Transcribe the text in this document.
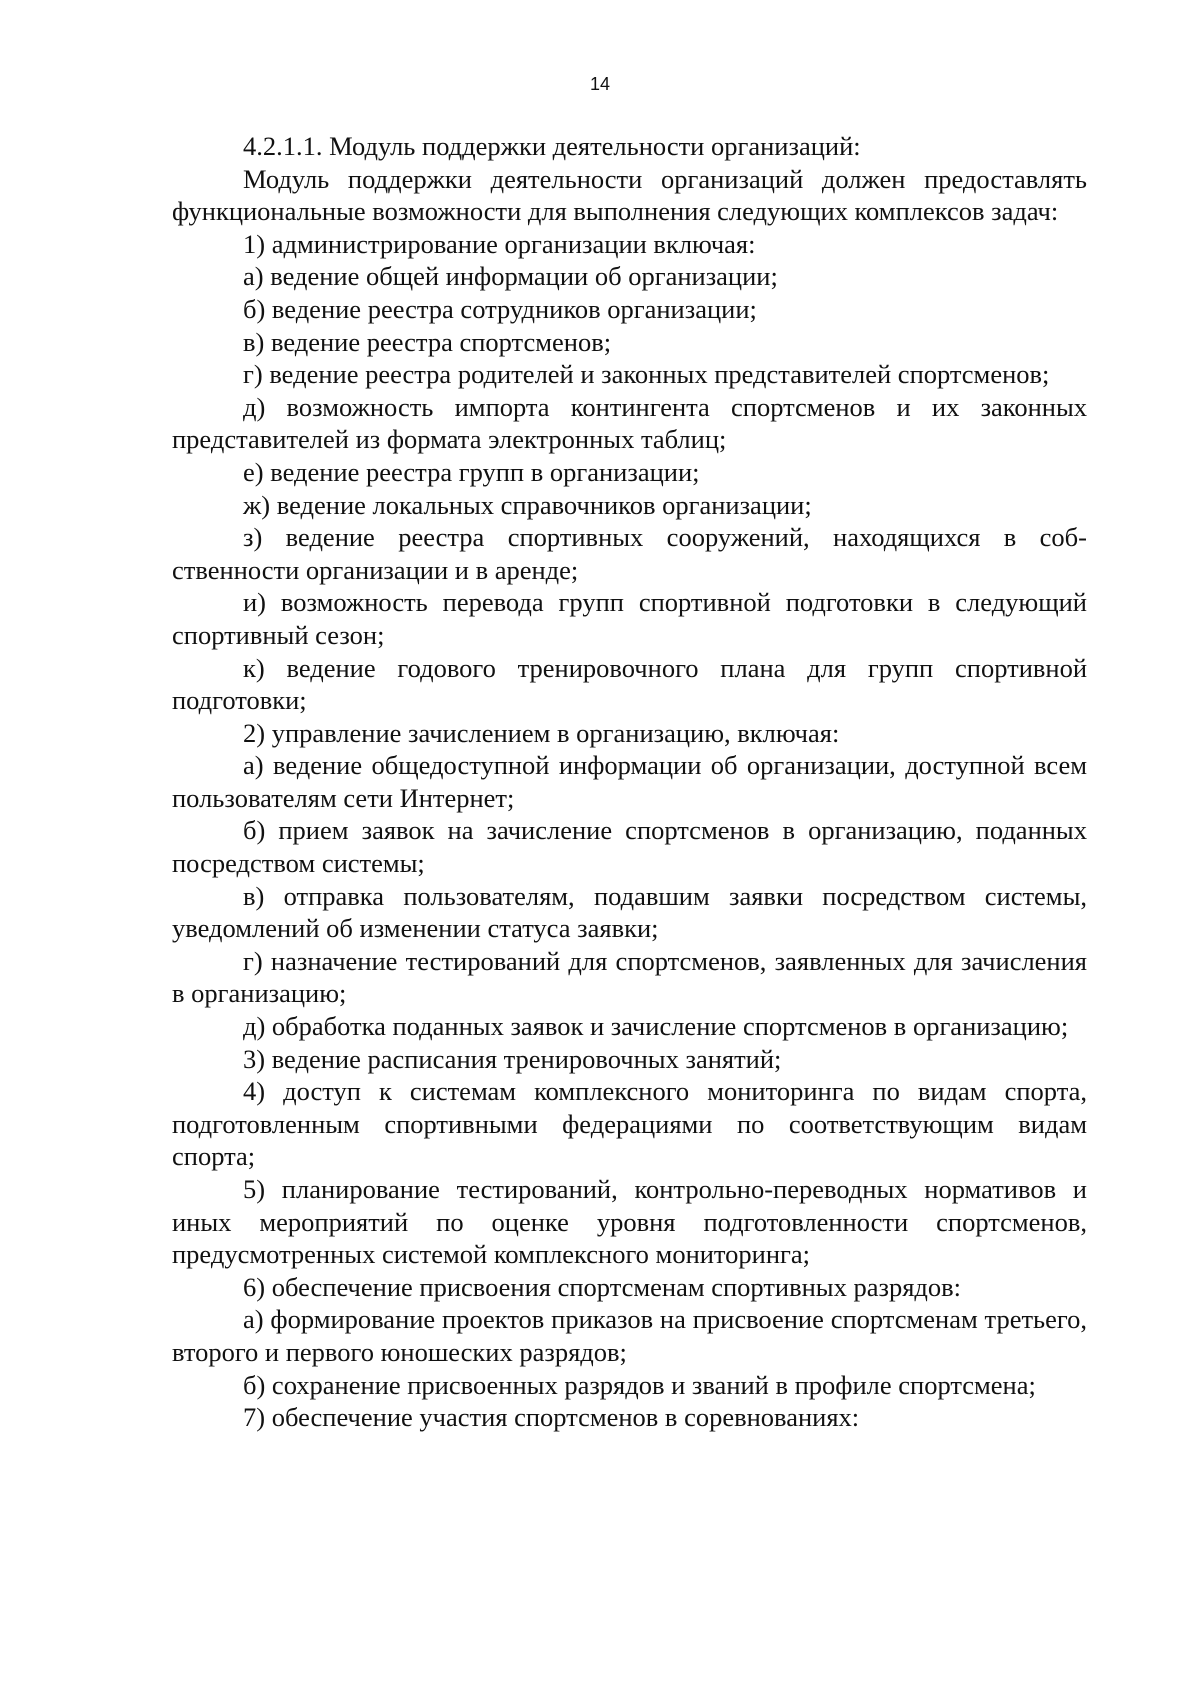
14

4.2.1.1. Модуль поддержки деятельности организаций:

Модуль поддержки деятельности организаций должен предоставлять функциональные возможности для выполнения следующих комплексов задач:

1) администрирование организации включая:

а) ведение общей информации об организации;

б) ведение реестра сотрудников организации;

в) ведение реестра спортсменов;

г) ведение реестра родителей и законных представителей спортсменов;

д) возможность импорта контингента спортсменов и их законных представителей из формата электронных таблиц;

е) ведение реестра групп в организации;

ж) ведение локальных справочников организации;

з) ведение реестра спортивных сооружений, находящихся в собственности организации и в аренде;

и) возможность перевода групп спортивной подготовки в следующий спортивный сезон;

к) ведение годового тренировочного плана для групп спортивной подготовки;

2) управление зачислением в организацию, включая:

а) ведение общедоступной информации об организации, доступной всем пользователям сети Интернет;

б) прием заявок на зачисление спортсменов в организацию, поданных посредством системы;

в) отправка пользователям, подавшим заявки посредством системы, уведомлений об изменении статуса заявки;

г) назначение тестирований для спортсменов, заявленных для зачисления в организацию;

д) обработка поданных заявок и зачисление спортсменов в организацию;

3) ведение расписания тренировочных занятий;

4) доступ к системам комплексного мониторинга по видам спорта, подготовленным спортивными федерациями по соответствующим видам спорта;

5) планирование тестирований, контрольно-переводных нормативов и иных мероприятий по оценке уровня подготовленности спортсменов, предусмотренных системой комплексного мониторинга;

6) обеспечение присвоения спортсменам спортивных разрядов:

а) формирование проектов приказов на присвоение спортсменам третьего, второго и первого юношеских разрядов;

б) сохранение присвоенных разрядов и званий в профиле спортсмена;

7) обеспечение участия спортсменов в соревнованиях:
